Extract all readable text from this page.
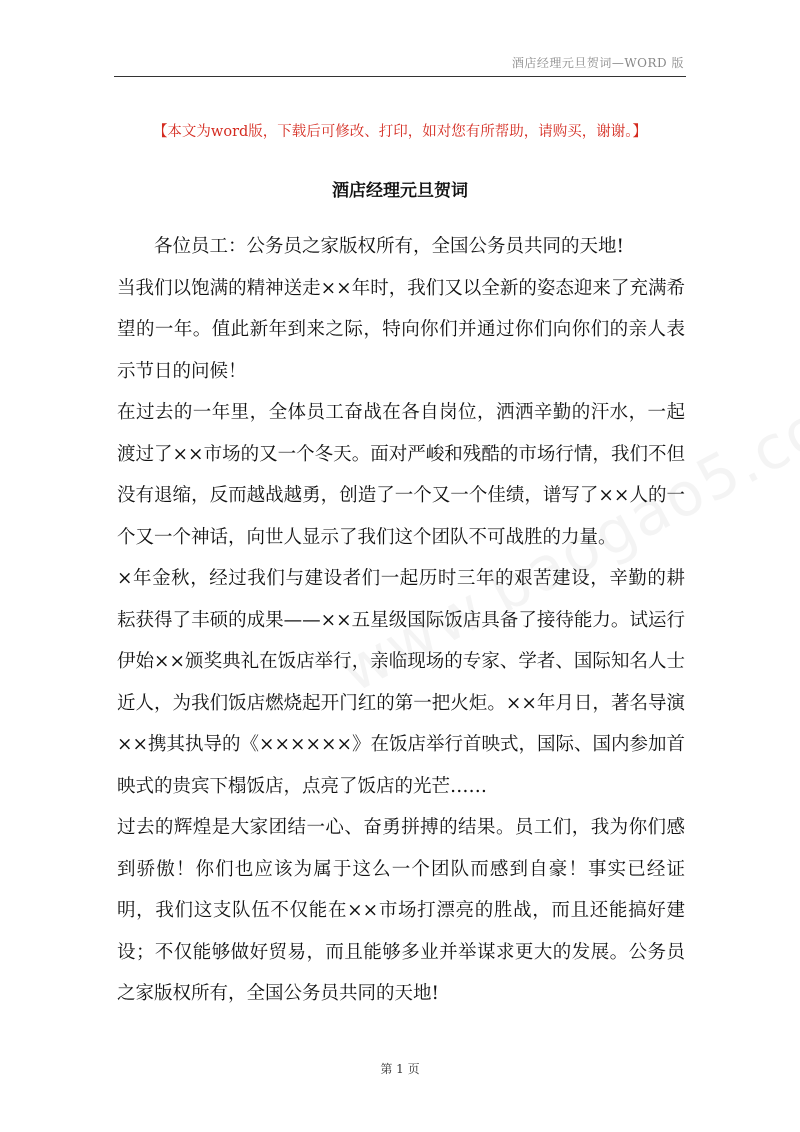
酒店经理元旦贺词—WORD 版
【本文为word版，下载后可修改、打印，如对您有所帮助，请购买，谢谢。】
酒店经理元旦贺词

各位员工：公务员之家版权所有，全国公务员共同的天地!

当我们以饱满的精神送走××年时，我们又以全新的姿态迎来了充满希望的一年。值此新年到来之际，特向你们并通过你们向你们的亲人表示节日的问候！

在过去的一年里，全体员工奋战在各自岗位，洒洒辛勤的汗水，一起渡过了××市场的又一个冬天。面对严峻和残酷的市场行情，我们不但没有退缩，反而越战越勇，创造了一个又一个佳绩，谱写了××人的一个又一个神话，向世人显示了我们这个团队不可战胜的力量。

×年金秋，经过我们与建设者们一起历时三年的艰苦建设，辛勤的耕耘获得了丰硕的成果——××五星级国际饭店具备了接待能力。试运行伊始××颁奖典礼在饭店举行，亲临现场的专家、学者、国际知名人士近人，为我们饭店燃烧起开门红的第一把火炬。××年月日，著名导演××携其执导的《××××××》在饭店举行首映式，国际、国内参加首映式的贵宾下榻饭店，点亮了饭店的光芒……

过去的辉煌是大家团结一心、奋勇拼搏的结果。员工们，我为你们感到骄傲！你们也应该为属于这么一个团队而感到自豪！事实已经证明，我们这支队伍不仅能在××市场打漂亮的胜战，而且还能搞好建设；不仅能够做好贸易，而且能够多业并举谋求更大的发展。公务员之家版权所有，全国公务员共同的天地!

第 1 页
